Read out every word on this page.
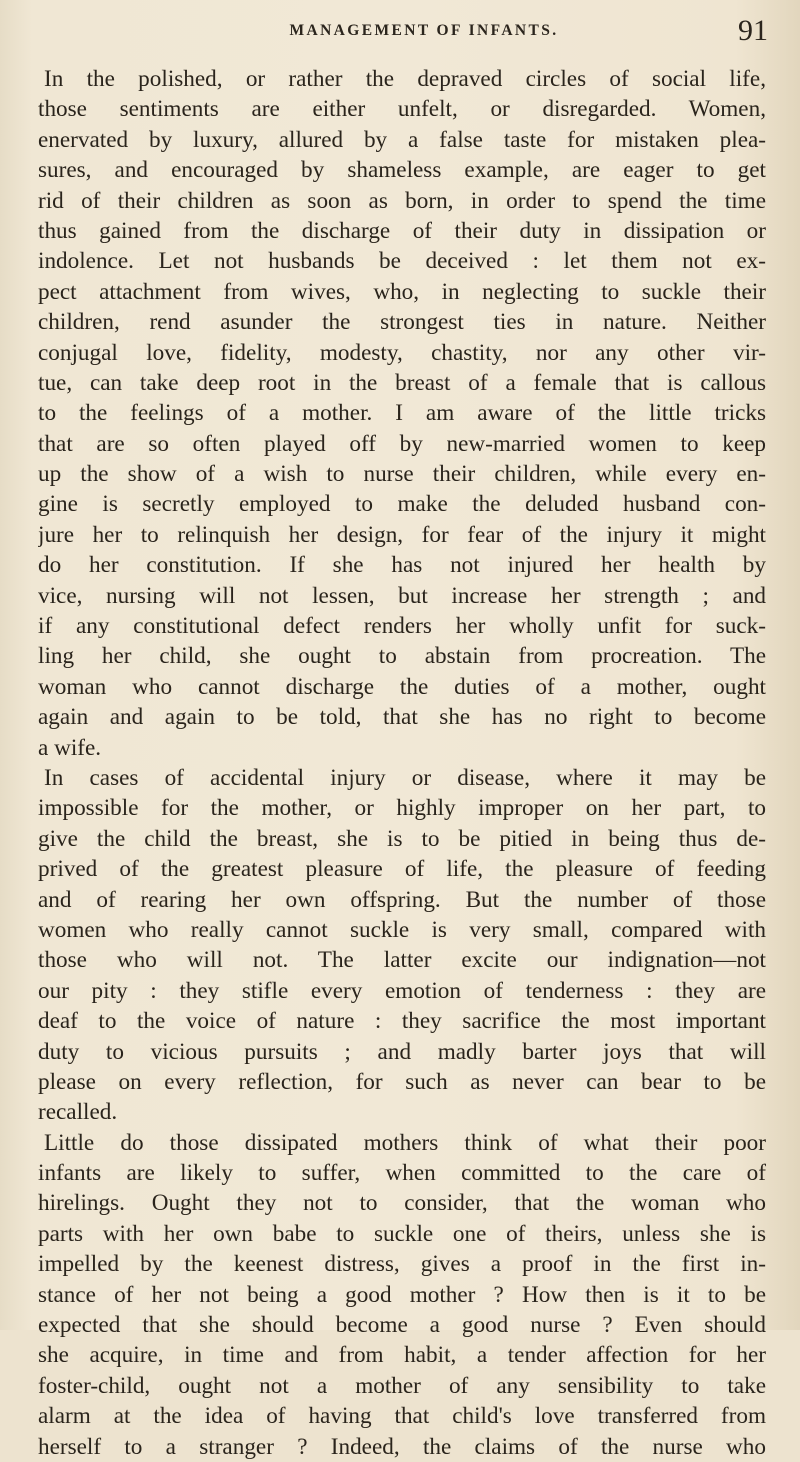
MANAGEMENT OF INFANTS.	91
In the polished, or rather the depraved circles of social life,
those sentiments are either unfelt, or disregarded. Women,
enervated by luxury, allured by a false taste for mistaken plea-
sures, and encouraged by shameless example, are eager to get
rid of their children as soon as born, in order to spend the time
thus gained from the discharge of their duty in dissipation or
indolence. Let not husbands be deceived : let them not ex-
pect attachment from wives, who, in neglecting to suckle their
children, rend asunder the strongest ties in nature. Neither
conjugal love, fidelity, modesty, chastity, nor any other vir-
tue, can take deep root in the breast of a female that is callous
to the feelings of a mother. I am aware of the little tricks
that are so often played off by new-married women to keep
up the show of a wish to nurse their children, while every en-
gine is secretly employed to make the deluded husband con-
jure her to relinquish her design, for fear of the injury it might
do her constitution. If she has not injured her health by
vice, nursing will not lessen, but increase her strength ; and
if any constitutional defect renders her wholly unfit for suck-
ling her child, she ought to abstain from procreation. The
woman who cannot discharge the duties of a mother, ought
again and again to be told, that she has no right to become
a wife.
In cases of accidental injury or disease, where it may be
impossible for the mother, or highly improper on her part, to
give the child the breast, she is to be pitied in being thus de-
prived of the greatest pleasure of life, the pleasure of feeding
and of rearing her own offspring. But the number of those
women who really cannot suckle is very small, compared with
those who will not. The latter excite our indignation—not
our pity : they stifle every emotion of tenderness : they are
deaf to the voice of nature : they sacrifice the most important
duty to vicious pursuits ; and madly barter joys that will
please on every reflection, for such as never can bear to be
recalled.
Little do those dissipated mothers think of what their poor
infants are likely to suffer, when committed to the care of
hirelings. Ought they not to consider, that the woman who
parts with her own babe to suckle one of theirs, unless she is
impelled by the keenest distress, gives a proof in the first in-
stance of her not being a good mother ? How then is it to be
expected that she should become a good nurse ? Even should
she acquire, in time and from habit, a tender affection for her
foster-child, ought not a mother of any sensibility to take
alarm at the idea of having that child's love transferred from
herself to a stranger ? Indeed, the claims of the nurse who
